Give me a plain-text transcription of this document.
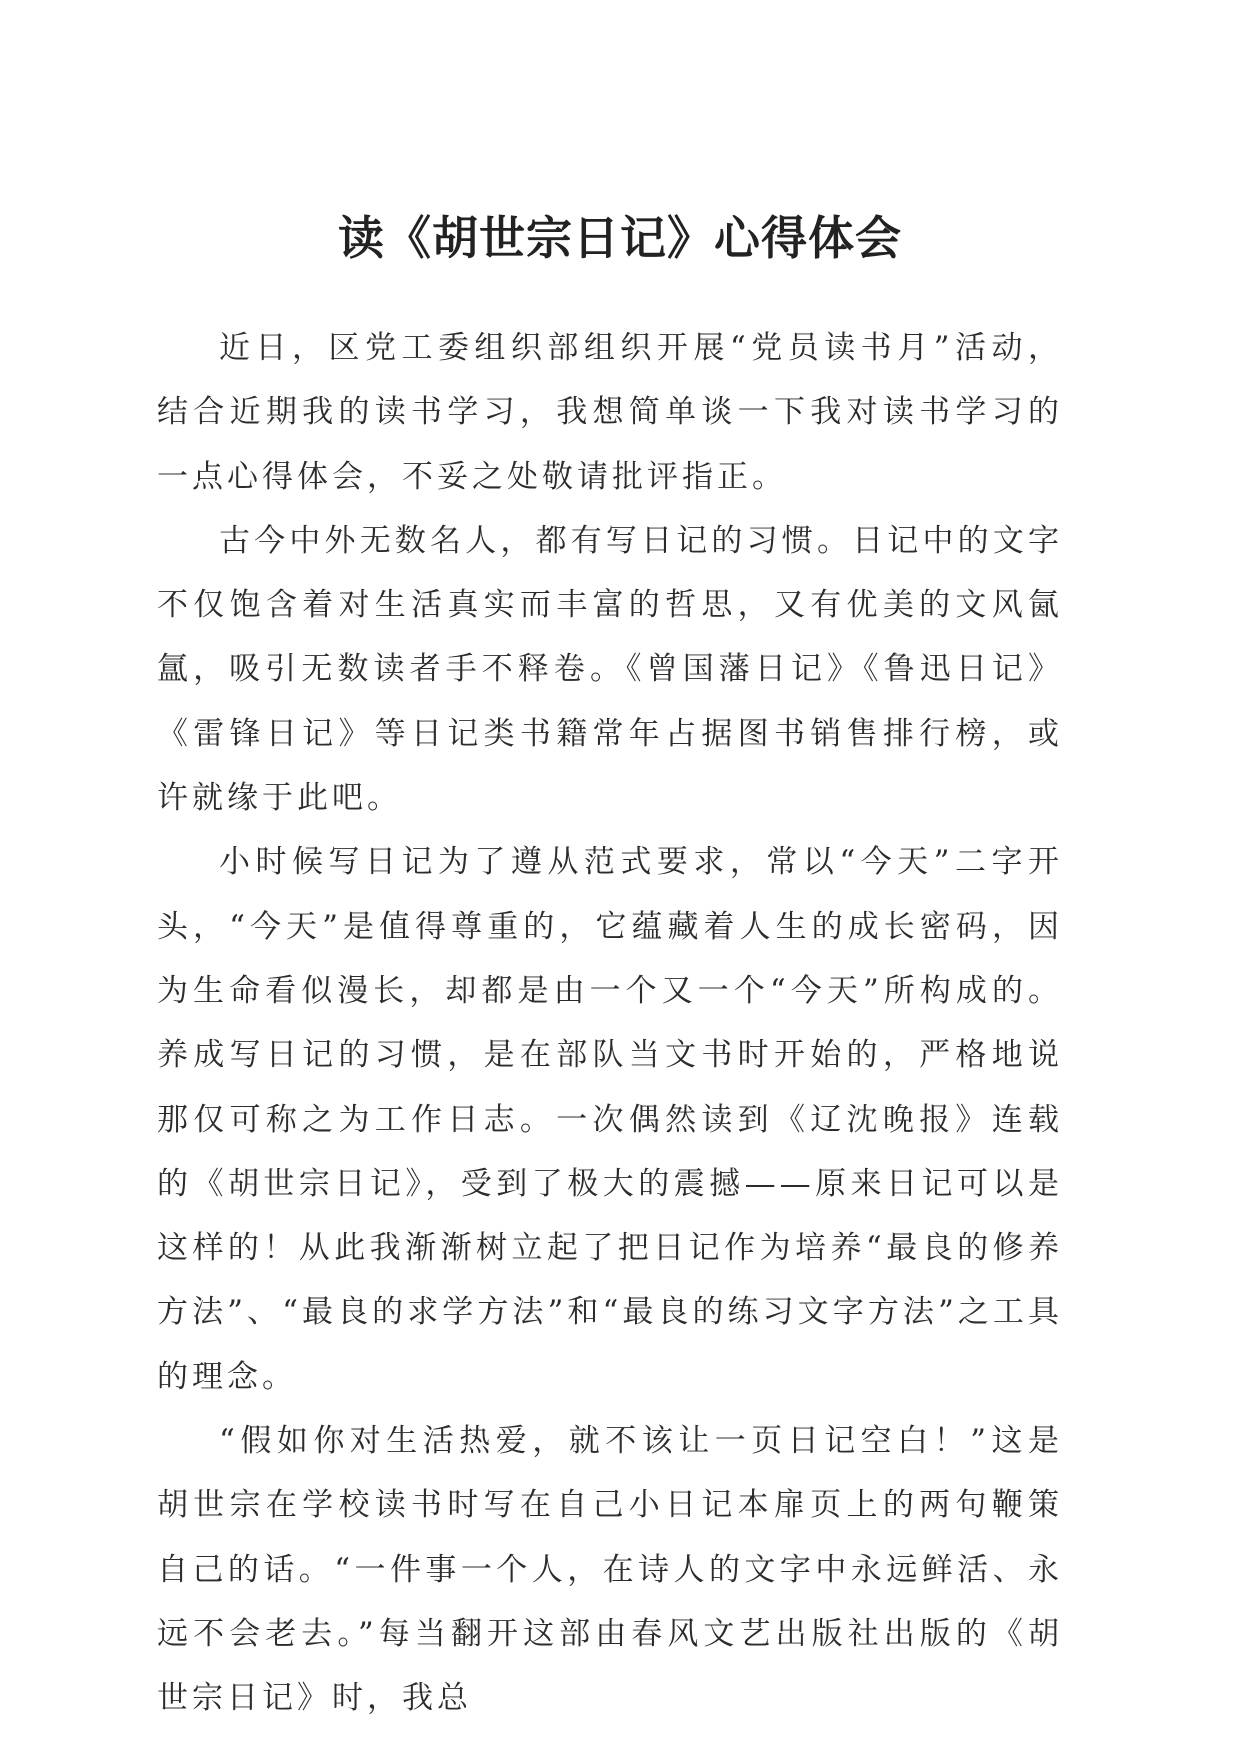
读《胡世宗日记》心得体会

近日，区党工委组织部组织开展“党员读书月”活动，结合近期我的读书学习，我想简单谈一下我对读书学习的一点心得体会，不妥之处敬请批评指正。

古今中外无数名人，都有写日记的习惯。日记中的文字不仅饱含着对生活真实而丰富的哲思，又有优美的文风氤氲，吸引无数读者手不释卷。《曾国藩日记》《鲁迅日记》《雷锋日记》等日记类书籍常年占据图书销售排行榜，或许就缘于此吧。

小时候写日记为了遵从范式要求，常以“今天”二字开头，“今天”是值得尊重的，它蕴藏着人生的成长密码，因为生命看似漫长，却都是由一个又一个“今天”所构成的。养成写日记的习惯，是在部队当文书时开始的，严格地说那仅可称之为工作日志。一次偶然读到《辽沈晚报》连载的《胡世宗日记》，受到了极大的震撼——原来日记可以是这样的！从此我渐渐树立起了把日记作为培养“最良的修养方法”、“最良的求学方法”和“最良的练习文字方法”之工具的理念。

“假如你对生活热爱，就不该让一页日记空白！”这是胡世宗在学校读书时写在自己小日记本扉页上的两句鞭策自己的话。“一件事一个人，在诗人的文字中永远鲜活、永远不会老去。”每当翻开这部由春风文艺出版社出版的《胡世宗日记》时，我总
